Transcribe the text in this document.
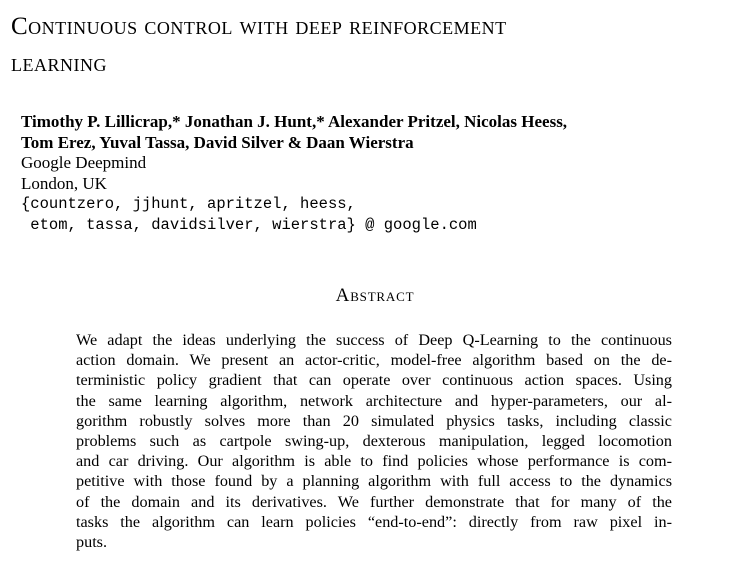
Continuous control with deep reinforcement
learning
Timothy P. Lillicrap,* Jonathan J. Hunt,* Alexander Pritzel, Nicolas Heess,
Tom Erez, Yuval Tassa, David Silver & Daan Wierstra
Google Deepmind
London, UK
{countzero, jjhunt, apritzel, heess,
etom, tassa, davidsilver, wierstra} @ google.com
Abstract
We adapt the ideas underlying the success of Deep Q-Learning to the continuous
action domain. We present an actor-critic, model-free algorithm based on the de-
terministic policy gradient that can operate over continuous action spaces. Using
the same learning algorithm, network architecture and hyper-parameters, our al-
gorithm robustly solves more than 20 simulated physics tasks, including classic
problems such as cartpole swing-up, dexterous manipulation, legged locomotion
and car driving. Our algorithm is able to find policies whose performance is com-
petitive with those found by a planning algorithm with full access to the dynamics
of the domain and its derivatives. We further demonstrate that for many of the
tasks the algorithm can learn policies “end-to-end”: directly from raw pixel in-
puts.
